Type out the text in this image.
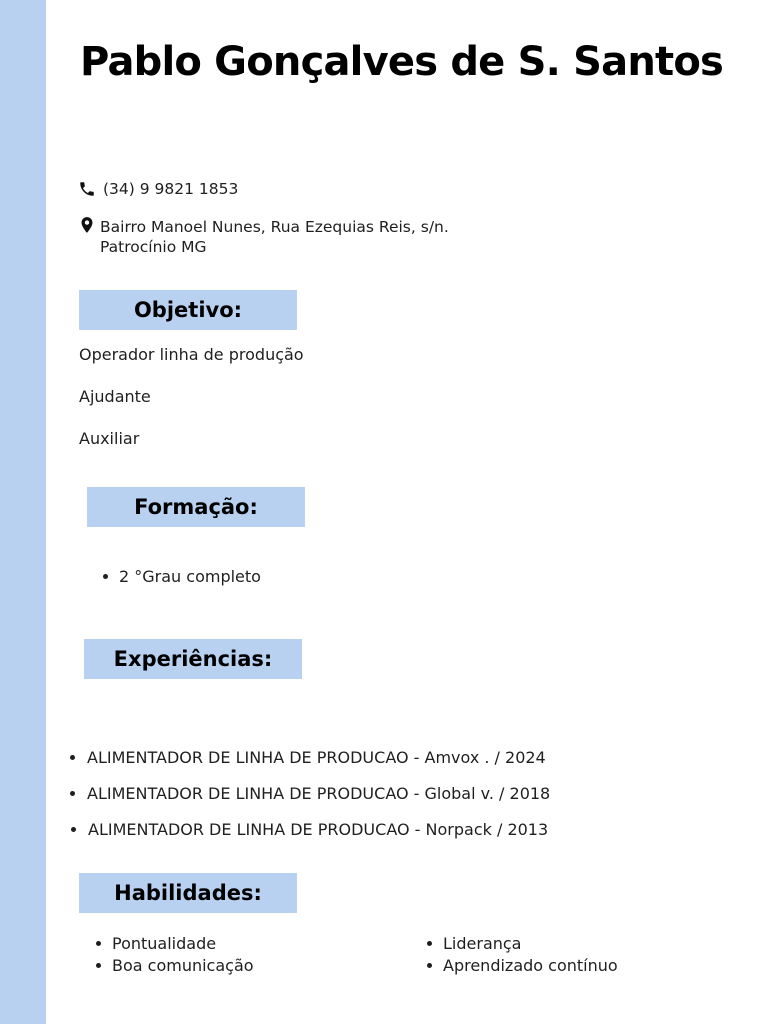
Pablo Gonçalves de S. Santos
(34) 9 9821 1853
Bairro Manoel Nunes, Rua Ezequias Reis, s/n.
Patrocínio MG
Objetivo:
Operador linha de produção
Ajudante
Auxiliar
Formação:
2 °Grau completo
Experiências:
ALIMENTADOR DE LINHA DE PRODUCAO - Amvox . / 2024
ALIMENTADOR DE LINHA DE PRODUCAO - Global v. / 2018
ALIMENTADOR DE LINHA DE PRODUCAO - Norpack / 2013
Habilidades:
Pontualidade
Boa comunicação
Liderança
Aprendizado contínuo
